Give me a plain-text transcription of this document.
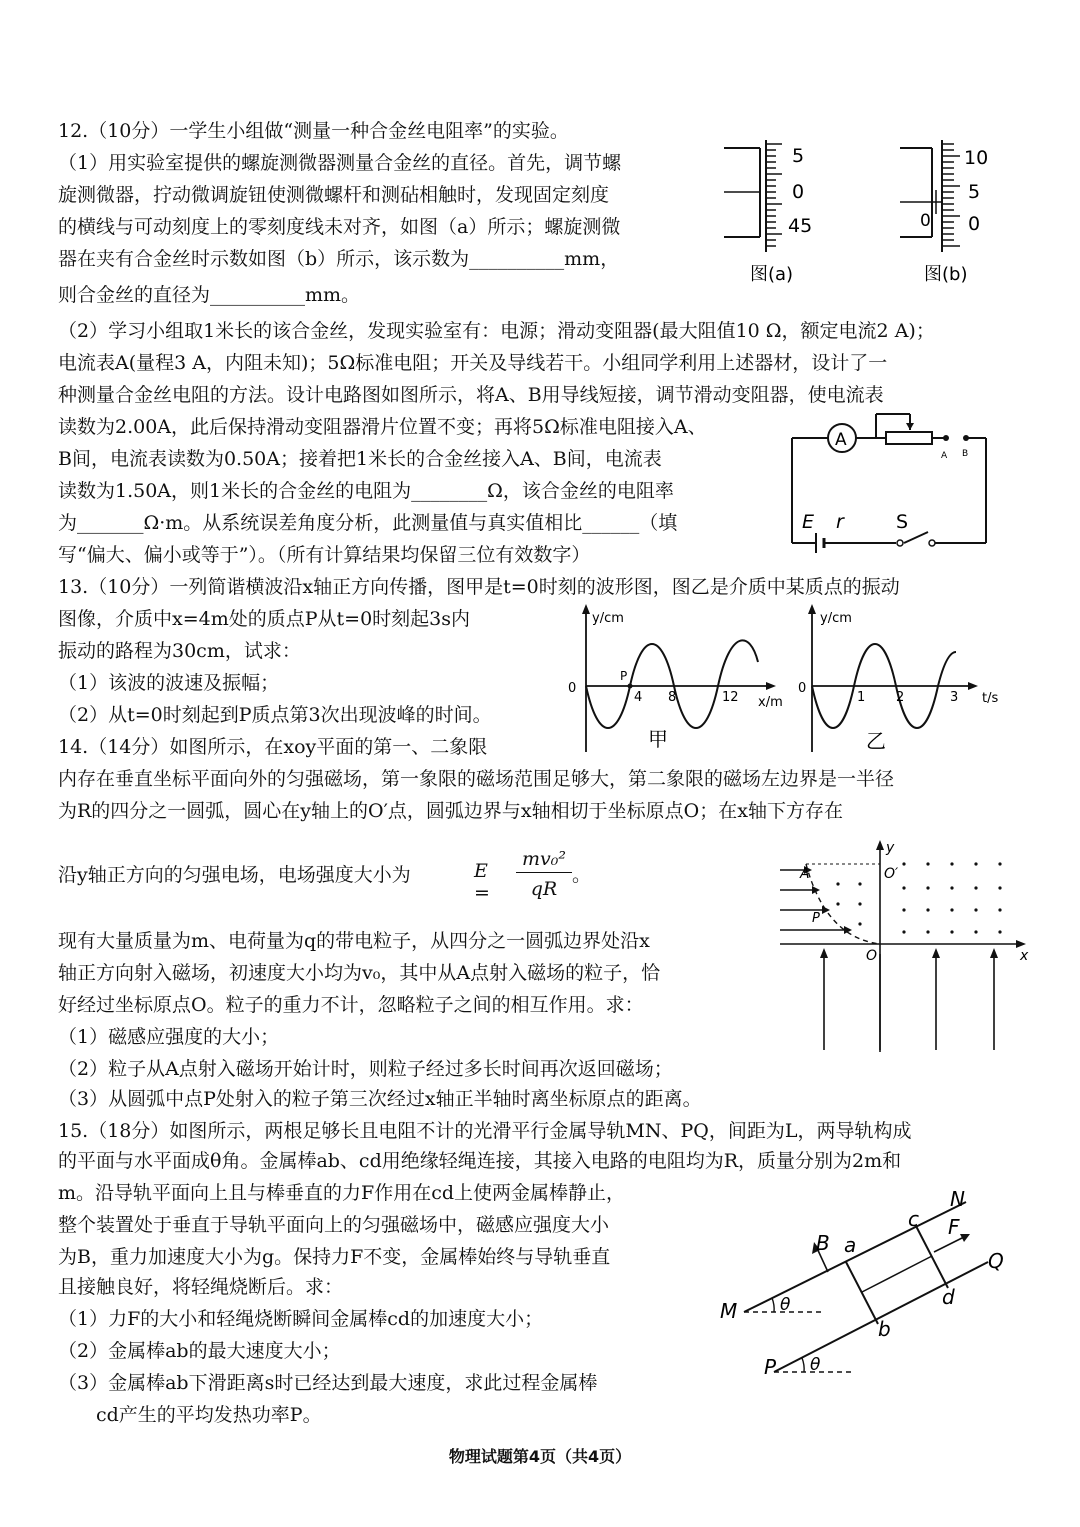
12.（10分）一学生小组做“测量一种合金丝电阻率”的实验。
（1）用实验室提供的螺旋测微器测量合金丝的直径。首先，调节螺
旋测微器，拧动微调旋钮使测微螺杆和测砧相触时，发现固定刻度
的横线与可动刻度上的零刻度线未对齐，如图（a）所示；螺旋测微
器在夹有合金丝时示数如图（b）所示，该示数为__________mm，
则合金丝的直径为__________mm。
5
0
45
图(a)
10
5
0
0
图(b)
（2）学习小组取1米长的该合金丝，发现实验室有：电源；滑动变阻器(最大阻值10 Ω，额定电流2 A)；
电流表A(量程3 A，内阻未知)；5Ω标准电阻；开关及导线若干。小组同学利用上述器材，设计了一
种测量合金丝电阻的方法。设计电路图如图所示，将A、B用导线短接，调节滑动变阻器，使电流表
读数为2.00A，此后保持滑动变阻器滑片位置不变；再将5Ω标准电阻接入A、
B间，电流表读数为0.50A；接着把1米长的合金丝接入A、B间，电流表
读数为1.50A，则1米长的合金丝的电阻为________Ω，该合金丝的电阻率
为_______Ω·m。从系统误差角度分析，此测量值与真实值相比______（填
写“偏大、偏小或等于”）。（所有计算结果均保留三位有效数字）
A
A B
E r	S
13.（10分）一列简谐横波沿x轴正方向传播，图甲是t=0时刻的波形图，图乙是介质中某质点的振动
图像，介质中x=4m处的质点P从t=0时刻起3s内
振动的路程为30cm，试求：
（1）该波的波速及振幅；
（2）从t=0时刻起到P质点第3次出现波峰的时间。
y/cm
x/m
0
P
4 8	12
甲
y/cm
t/s
0
1 2	3
乙
14.（14分）如图所示，在xoy平面的第一、二象限
内存在垂直坐标平面向外的匀强磁场，第一象限的磁场范围足够大，第二象限的磁场左边界是一半径
为R的四分之一圆弧，圆心在y轴上的O′点，圆弧边界与x轴相切于坐标原点O；在x轴下方存在
沿y轴正方向的匀强电场，电场强度大小为	E =
mv₀²
qR
。
现有大量质量为m、电荷量为q的带电粒子，从四分之一圆弧边界处沿x
轴正方向射入磁场，初速度大小均为v₀，其中从A点射入磁场的粒子，恰
好经过坐标原点O。粒子的重力不计，忽略粒子之间的相互作用。求：
（1）磁感应强度的大小；
（2）粒子从A点射入磁场开始计时，则粒子经过多长时间再次返回磁场；
（3）从圆弧中点P处射入的粒子第三次经过x轴正半轴时离坐标原点的距离。
y
x
O
O′
A
P
15.（18分）如图所示，两根足够长且电阻不计的光滑平行金属导轨MN、PQ，间距为L，两导轨构成
的平面与水平面成θ角。金属棒ab、cd用绝缘轻绳连接，其接入电路的电阻均为R，质量分别为2m和
m。沿导轨平面向上且与棒垂直的力F作用在cd上使两金属棒静止，
整个装置处于垂直于导轨平面向上的匀强磁场中，磁感应强度大小
为B，重力加速度大小为g。保持力F不变，金属棒始终与导轨垂直
且接触良好，将轻绳烧断后。求：
（1）力F的大小和轻绳烧断瞬间金属棒cd的加速度大小；
（2）金属棒ab的最大速度大小；
（3）金属棒ab下滑距离s时已经达到最大速度，求此过程金属棒
　　cd产生的平均发热功率P。
M
N
P
Q
a
b
c
d
F
B
θ
θ
物理试题第4页（共4页）
